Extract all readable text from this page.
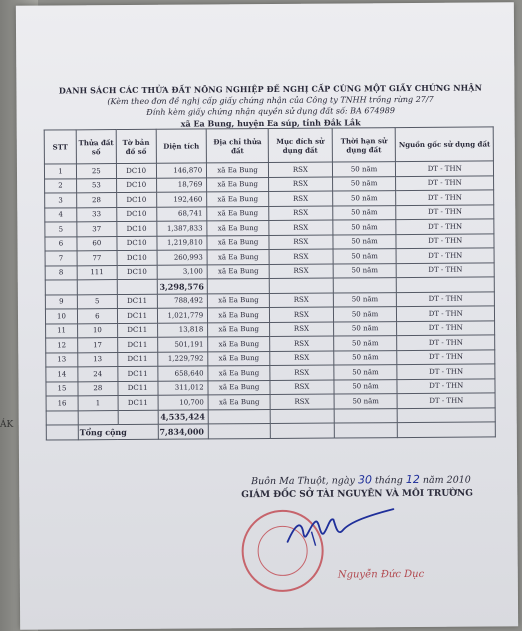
ÁK
DANH SÁCH CÁC THỬA ĐẤT NÔNG NGHIỆP ĐỀ NGHỊ CẤP CÙNG MỘT GIẤY CHỨNG NHẬN
(Kèm theo đơn đề nghị cấp giấy chứng nhận của Công ty TNHH trồng rừng 27/7
Đính kèm giấy chứng nhận quyền sử dụng đất số: BA 674989
xã Ea Bung, huyện Ea súp, tỉnh Đắk Lắk
STT	Thửa đất số	Tờ bản đồ số	Diện tích	Địa chỉ thửa đất	Mục đích sử dụng đất	Thời hạn sử dụng đất	Nguồn gốc sử dụng đất
1	25	DC10	146,870	xã Ea Bung	RSX	50 năm	DT - THN
2	53	DC10	18,769	xã Ea Bung	RSX	50 năm	DT - THN
3	28	DC10	192,460	xã Ea Bung	RSX	50 năm	DT - THN
4	33	DC10	68,741	xã Ea Bung	RSX	50 năm	DT - THN
5	37	DC10	1,387,833	xã Ea Bung	RSX	50 năm	DT - THN
6	60	DC10	1,219,810	xã Ea Bung	RSX	50 năm	DT - THN
7	77	DC10	260,993	xã Ea Bung	RSX	50 năm	DT - THN
8	111	DC10	3,100	xã Ea Bung	RSX	50 năm	DT - THN
			3,298,576				
9	5	DC11	788,492	xã Ea Bung	RSX	50 năm	DT - THN
10	6	DC11	1,021,779	xã Ea Bung	RSX	50 năm	DT - THN
11	10	DC11	13,818	xã Ea Bung	RSX	50 năm	DT - THN
12	17	DC11	501,191	xã Ea Bung	RSX	50 năm	DT - THN
13	13	DC11	1,229,792	xã Ea Bung	RSX	50 năm	DT - THN
14	24	DC11	658,640	xã Ea Bung	RSX	50 năm	DT - THN
15	28	DC11	311,012	xã Ea Bung	RSX	50 năm	DT - THN
16	1	DC11	10,700	xã Ea Bung	RSX	50 năm	DT - THN
			4,535,424				
	Tổng cộng		7,834,000				
Buôn Ma Thuột, ngày 30 tháng 12 năm 2010
GIÁM ĐỐC SỞ TÀI NGUYÊN VÀ MÔI TRƯỜNG
Nguyễn Đức Dục
